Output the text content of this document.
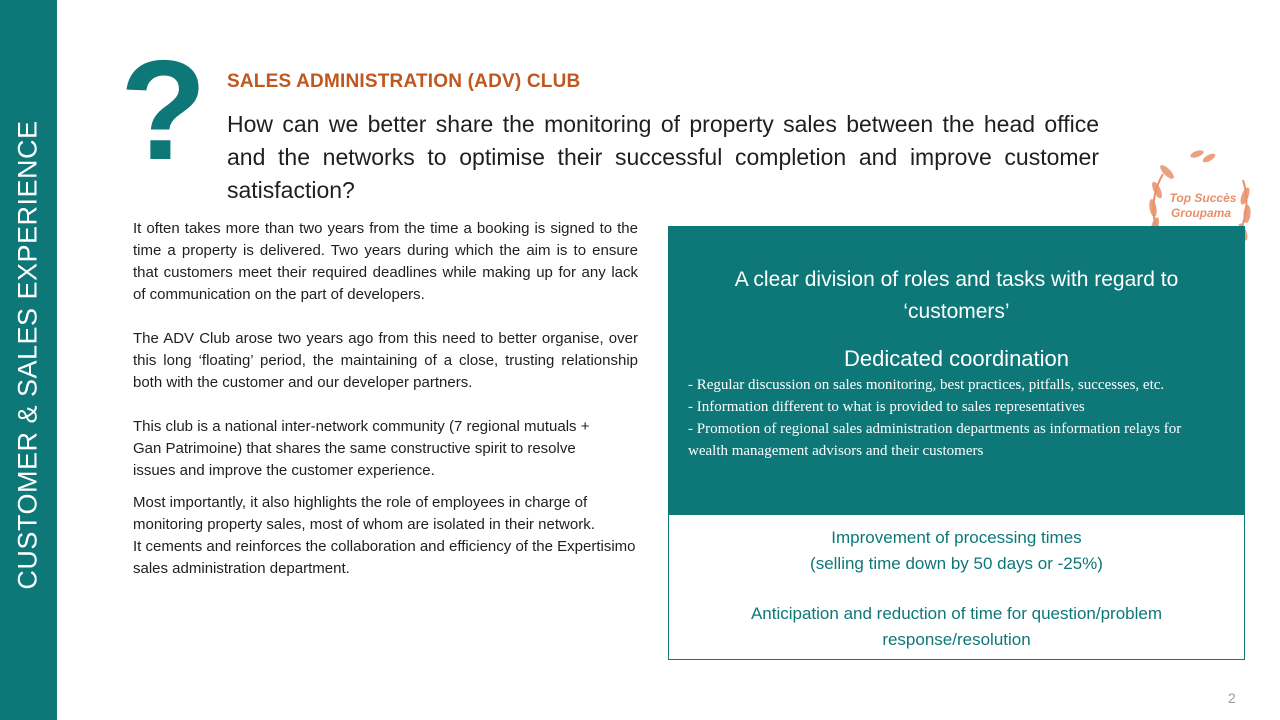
CUSTOMER & SALES EXPERIENCE
? SALES ADMINISTRATION (ADV) CLUB
How can we better share the monitoring of property sales between the head office and the networks to optimise their successful completion and improve customer satisfaction?

It often takes more than two years from the time a booking is signed to the time a property is delivered. Two years during which the aim is to ensure that customers meet their required deadlines while making up for any lack of communication on the part of developers.

The ADV Club arose two years ago from this need to better organise, over this long ‘floating’ period, the maintaining of a close, trusting relationship both with the customer and our developer partners.

This club is a national inter-network community (7 regional mutuals + Gan Patrimoine) that shares the same constructive spirit to resolve issues and improve the customer experience.

Most importantly, it also highlights the role of employees in charge of monitoring property sales, most of whom are isolated in their network.

It cements and reinforces the collaboration and efficiency of the Expertisimo sales administration department.

Top Succès
Groupama
A clear division of roles and tasks with regard to ‘customers’
Dedicated coordination
- Regular discussion on sales monitoring, best practices, pitfalls, successes, etc.
- Information different to what is provided to sales representatives
- Promotion of regional sales administration departments as information relays for wealth management advisors and their customers
Improvement of processing times
(selling time down by 50 days or -25%)
Anticipation and reduction of time for question/problem response/resolution
2
